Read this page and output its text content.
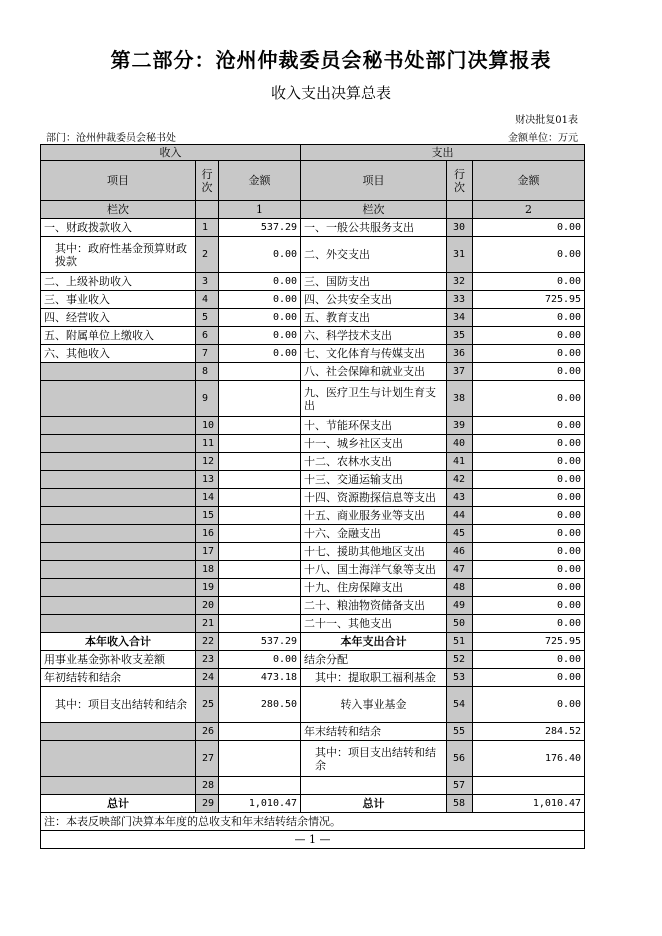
第二部分：沧州仲裁委员会秘书处部门决算报表
收入支出决算总表
财决批复01表
部门：沧州仲裁委员会秘书处	金额单位：万元
收入			支出		
项目	行次	金额	项目	行次	金额
栏次		1	栏次		2
一、财政拨款收入	1	537.29	一、一般公共服务支出	30	0.00
其中：政府性基金预算财政拨款	2	0.00	二、外交支出	31	0.00
二、上级补助收入	3	0.00	三、国防支出	32	0.00
三、事业收入	4	0.00	四、公共安全支出	33	725.95
四、经营收入	5	0.00	五、教育支出	34	0.00
五、附属单位上缴收入	6	0.00	六、科学技术支出	35	0.00
六、其他收入	7	0.00	七、文化体育与传媒支出	36	0.00
	8		八、社会保障和就业支出	37	0.00
	9		九、医疗卫生与计划生育支出	38	0.00
	10		十、节能环保支出	39	0.00
	11		十一、城乡社区支出	40	0.00
	12		十二、农林水支出	41	0.00
	13		十三、交通运输支出	42	0.00
	14		十四、资源勘探信息等支出	43	0.00
	15		十五、商业服务业等支出	44	0.00
	16		十六、金融支出	45	0.00
	17		十七、援助其他地区支出	46	0.00
	18		十八、国土海洋气象等支出	47	0.00
	19		十九、住房保障支出	48	0.00
	20		二十、粮油物资储备支出	49	0.00
	21		二十一、其他支出	50	0.00
本年收入合计	22	537.29	本年支出合计	51	725.95
用事业基金弥补收支差额	23	0.00	结余分配	52	0.00
年初结转和结余	24	473.18	其中：提取职工福利基金	53	0.00
其中：项目支出结转和结余	25	280.50	转入事业基金	54	0.00
	26		年末结转和结余	55	284.52
	27		其中：项目支出结转和结余	56	176.40
	28			57	
总计	29	1,010.47	总计	58	1,010.47
注：本表反映部门决算本年度的总收支和年末结转结余情况。					
— 1 —					
